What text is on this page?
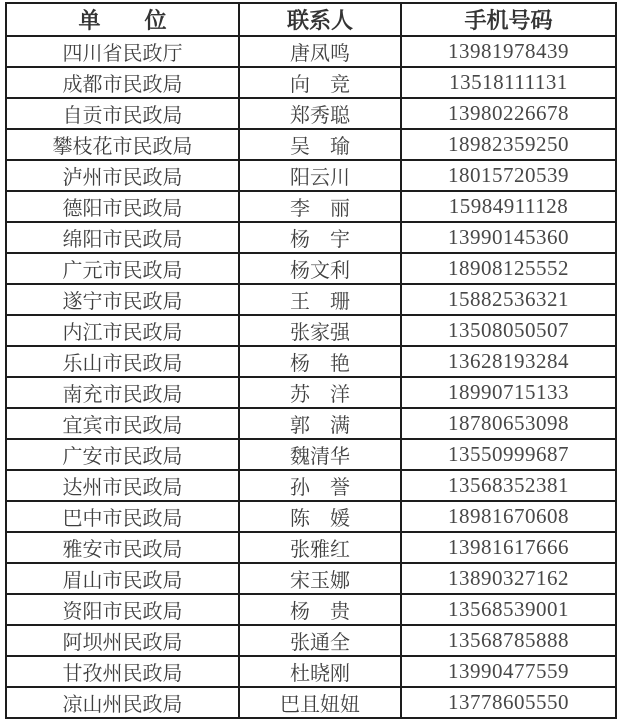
单　　位	联系人	手机号码
四川省民政厅	唐凤鸣	13981978439
成都市民政局	向　竞	13518111131
自贡市民政局	郑秀聪	13980226678
攀枝花市民政局	吴　瑜	18982359250
泸州市民政局	阳云川	18015720539
德阳市民政局	李　丽	15984911128
绵阳市民政局	杨　宇	13990145360
广元市民政局	杨文利	18908125552
遂宁市民政局	王　珊	15882536321
内江市民政局	张家强	13508050507
乐山市民政局	杨　艳	13628193284
南充市民政局	苏　洋	18990715133
宜宾市民政局	郭　满	18780653098
广安市民政局	魏清华	13550999687
达州市民政局	孙　誉	13568352381
巴中市民政局	陈　媛	18981670608
雅安市民政局	张雅红	13981617666
眉山市民政局	宋玉娜	13890327162
资阳市民政局	杨　贵	13568539001
阿坝州民政局	张通全	13568785888
甘孜州民政局	杜晓刚	13990477559
凉山州民政局	巴且妞妞	13778605550
